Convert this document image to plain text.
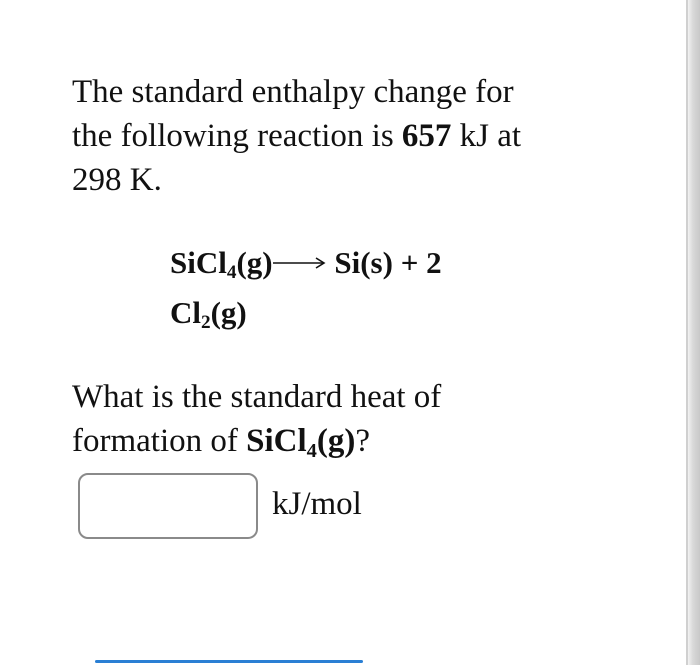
The standard enthalpy change for
the following reaction is 657 kJ at
298 K.

SiCl$_4$(g)→ Si(s) + 2
$Cl_2(g)$

What is the standard heat of
formation of SiCl$_4$(g)?

kJ/mol
